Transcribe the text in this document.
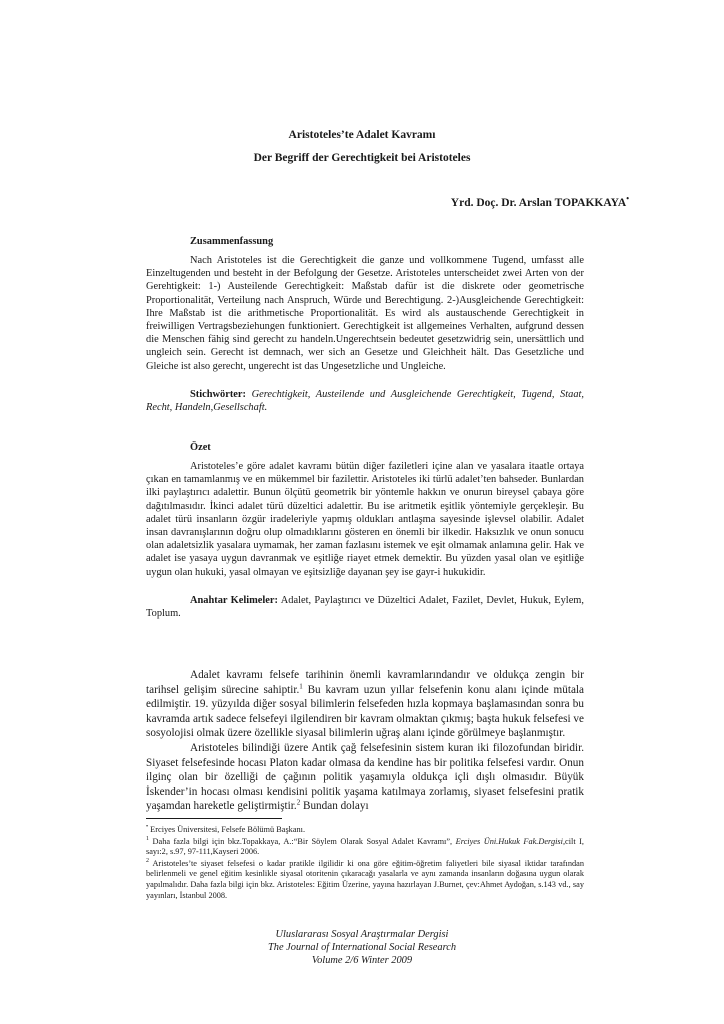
Aristoteles’te Adalet Kavramı
Der Begriff der Gerechtigkeit bei Aristoteles
Yrd. Doç. Dr. Arslan TOPAKKAYA•
Zusammenfassung

Nach Aristoteles ist die Gerechtigkeit die ganze und vollkommene Tugend, umfasst alle Einzeltugenden und besteht in der Befolgung der Gesetze. Aristoteles unterscheidet zwei Arten von der Gerehtigkeit: 1-) Austeilende Gerechtigkeit: Maßstab dafür ist die diskrete oder geometrische Proportionalität, Verteilung nach Anspruch, Würde und Berechtigung. 2-)Ausgleichende Gerechtigkeit: Ihre Maßstab ist die arithmetische Proportionalität. Es wird als austauschende Gerechtigkeit in freiwilligen Vertragsbeziehungen funktioniert. Gerechtigkeit ist allgemeines Verhalten, aufgrund dessen die Menschen fähig sind gerecht zu handeln.Ungerechtsein bedeutet gesetzwidrig sein, unersättlich und ungleich sein. Gerecht ist demnach, wer sich an Gesetze und Gleichheit hält. Das Gesetzliche und Gleiche ist also gerecht, ungerecht ist das Ungesetzliche und Ungleiche.

Stichwörter: Gerechtigkeit, Austeilende und Ausgleichende Gerechtigkeit, Tugend, Staat, Recht, Handeln,Gesellschaft.

Özet

Aristoteles’e göre adalet kavramı bütün diğer faziletleri içine alan ve yasalara itaatle ortaya çıkan en tamamlanmış ve en mükemmel bir fazilettir. Aristoteles iki türlü adalet’ten bahseder. Bunlardan ilki paylaştırıcı adalettir. Bunun ölçütü geometrik bir yöntemle hakkın ve onurun bireysel çabaya göre dağıtılmasıdır. İkinci adalet türü düzeltici adalettir. Bu ise aritmetik eşitlik yöntemiyle gerçekleşir. Bu adalet türü insanların özgür iradeleriyle yapmış oldukları antlaşma sayesinde işlevsel olabilir. Adalet insan davranışlarının doğru olup olmadıklarını gösteren en önemli bir ilkedir. Haksızlık ve onun sonucu olan adaletsizlik yasalara uymamak, her zaman fazlasını istemek ve eşit olmamak anlamına gelir. Hak ve adalet ise yasaya uygun davranmak ve eşitliğe riayet etmek demektir. Bu yüzden yasal olan ve eşitliğe uygun olan hukuki, yasal olmayan ve eşitsizliğe dayanan şey ise gayr-i hukukidir.

Anahtar Kelimeler: Adalet, Paylaştırıcı ve Düzeltici Adalet, Fazilet, Devlet, Hukuk, Eylem, Toplum.

Adalet kavramı felsefe tarihinin önemli kavramlarındandır ve oldukça zengin bir tarihsel gelişim sürecine sahiptir.$^1$ Bu kavram uzun yıllar felsefenin konu alanı içinde mütala edilmiştir. 19. yüzyılda diğer sosyal bilimlerin felsefeden hızla kopmaya başlamasından sonra bu kavramda artık sadece felsefeyi ilgilendiren bir kavram olmaktan çıkmış; başta hukuk felsefesi ve sosyolojisi olmak üzere özellikle siyasal bilimlerin uğraş alanı içinde görülmeye başlanmıştır.

Aristoteles bilindiği üzere Antik çağ felsefesinin sistem kuran iki filozofundan biridir. Siyaset felsefesinde hocası Platon kadar olmasa da kendine has bir politika felsefesi vardır. Onun ilginç olan bir özelliği de çağının politik yaşamıyla oldukça içli dışlı olmasıdır. Büyük İskender’in hocası olması kendisini politik yaşama katılmaya zorlamış, siyaset felsefesini pratik yaşamdan hareketle geliştirmiştir.$^2$ Bundan dolayı

• Erciyes Üniversitesi, Felsefe Bölümü Başkanı.

$^1$ Daha fazla bilgi için bkz.Topakkaya, A.:“Bir Söylem Olarak Sosyal Adalet Kavramı”, Erciyes Üni.Hukuk Fak.Dergisi,cilt I, sayı:2, s.97, 97-111,Kayseri 2006.

$^2$ Aristoteles’te siyaset felsefesi o kadar pratikle ilgilidir ki ona göre eğitim-öğretim faliyetleri bile siyasal iktidar tarafından belirlenmeli ve genel eğitim kesinlikle siyasal otoritenin çıkaracağı yasalarla ve aynı zamanda insanların doğasına uygun olarak yapılmalıdır. Daha fazla bilgi için bkz. Aristoteles: Eğitim Üzerine, yayına hazırlayan J.Burnet, çev:Ahmet Aydoğan, s.143 vd., say yayınları, İstanbul 2008.

Uluslararası Sosyal Araştırmalar Dergisi
The Journal of International Social Research
Volume 2/6 Winter 2009
